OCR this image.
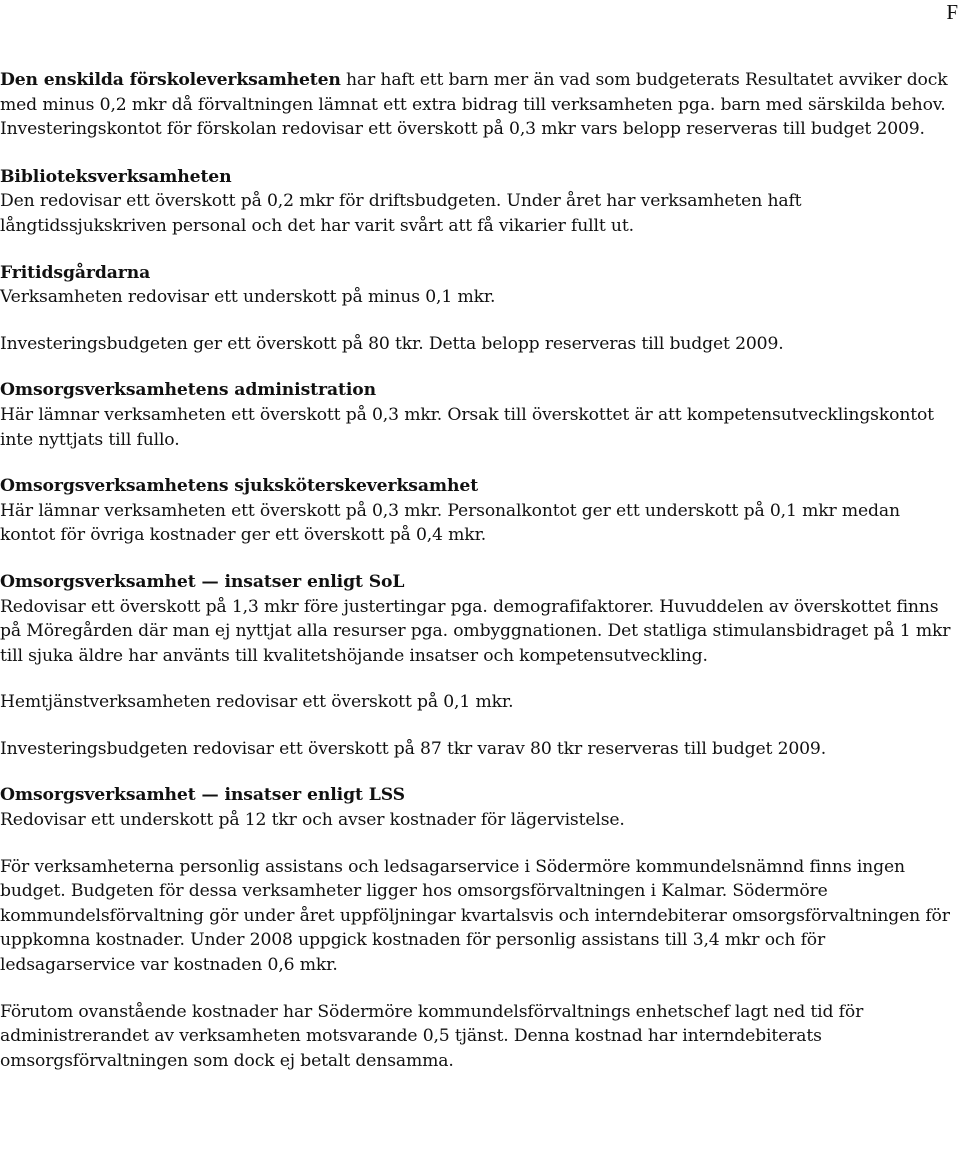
F

Den enskilda förskoleverksamheten har haft ett barn mer än vad som budgeterats Resultatet avviker dock med minus 0,2 mkr då förvaltningen lämnat ett extra bidrag till verksamheten pga. barn med särskilda behov.

Investeringskontot för förskolan redovisar ett överskott på 0,3 mkr vars belopp reserveras till budget 2009.

Biblioteksverksamheten

Den redovisar ett överskott på 0,2 mkr för driftsbudgeten. Under året har verksamheten haft långtidssjukskriven personal och det har varit svårt att få vikarier fullt ut.

Fritidsgårdarna

Verksamheten redovisar ett underskott på minus 0,1 mkr.

Investeringsbudgeten ger ett överskott på 80 tkr. Detta belopp reserveras till budget 2009.

Omsorgsverksamhetens administration

Här lämnar verksamheten ett överskott på 0,3 mkr. Orsak till överskottet är att kompetensutvecklingskontot inte nyttjats till fullo.

Omsorgsverksamhetens sjuksköterskeverksamhet

Här lämnar verksamheten ett överskott på 0,3 mkr. Personalkontot ger ett underskott på 0,1 mkr medan kontot för övriga kostnader ger ett överskott på 0,4 mkr.

Omsorgsverksamhet — insatser enligt SoL

Redovisar ett överskott på 1,3 mkr före justertingar pga. demografifaktorer. Huvuddelen av överskottet finns på Möregården där man ej nyttjat alla resurser pga. ombyggnationen. Det statliga stimulansbidraget på 1 mkr till sjuka äldre har använts till kvalitetshöjande insatser och kompetensutveckling.

Hemtjänstverksamheten redovisar ett överskott på 0,1 mkr.

Investeringsbudgeten redovisar ett överskott på 87 tkr varav 80 tkr reserveras till budget 2009.

Omsorgsverksamhet — insatser enligt LSS

Redovisar ett underskott på 12 tkr och avser kostnader för lägervistelse.

För verksamheterna personlig assistans och ledsagarservice i Södermöre kommundelsnämnd finns ingen budget. Budgeten för dessa verksamheter ligger hos omsorgsförvaltningen i Kalmar. Södermöre kommundelsförvaltning gör under året uppföljningar kvartalsvis och interndebiterar omsorgsförvaltningen för uppkomna kostnader. Under 2008 uppgick kostnaden för personlig assistans till 3,4 mkr och för ledsagarservice var kostnaden 0,6 mkr.

Förutom ovanstående kostnader har Södermöre kommundelsförvaltnings enhetschef lagt ned tid för administrerandet av verksamheten motsvarande 0,5 tjänst. Denna kostnad har interndebiterats omsorgsförvaltningen som dock ej betalt densamma.
